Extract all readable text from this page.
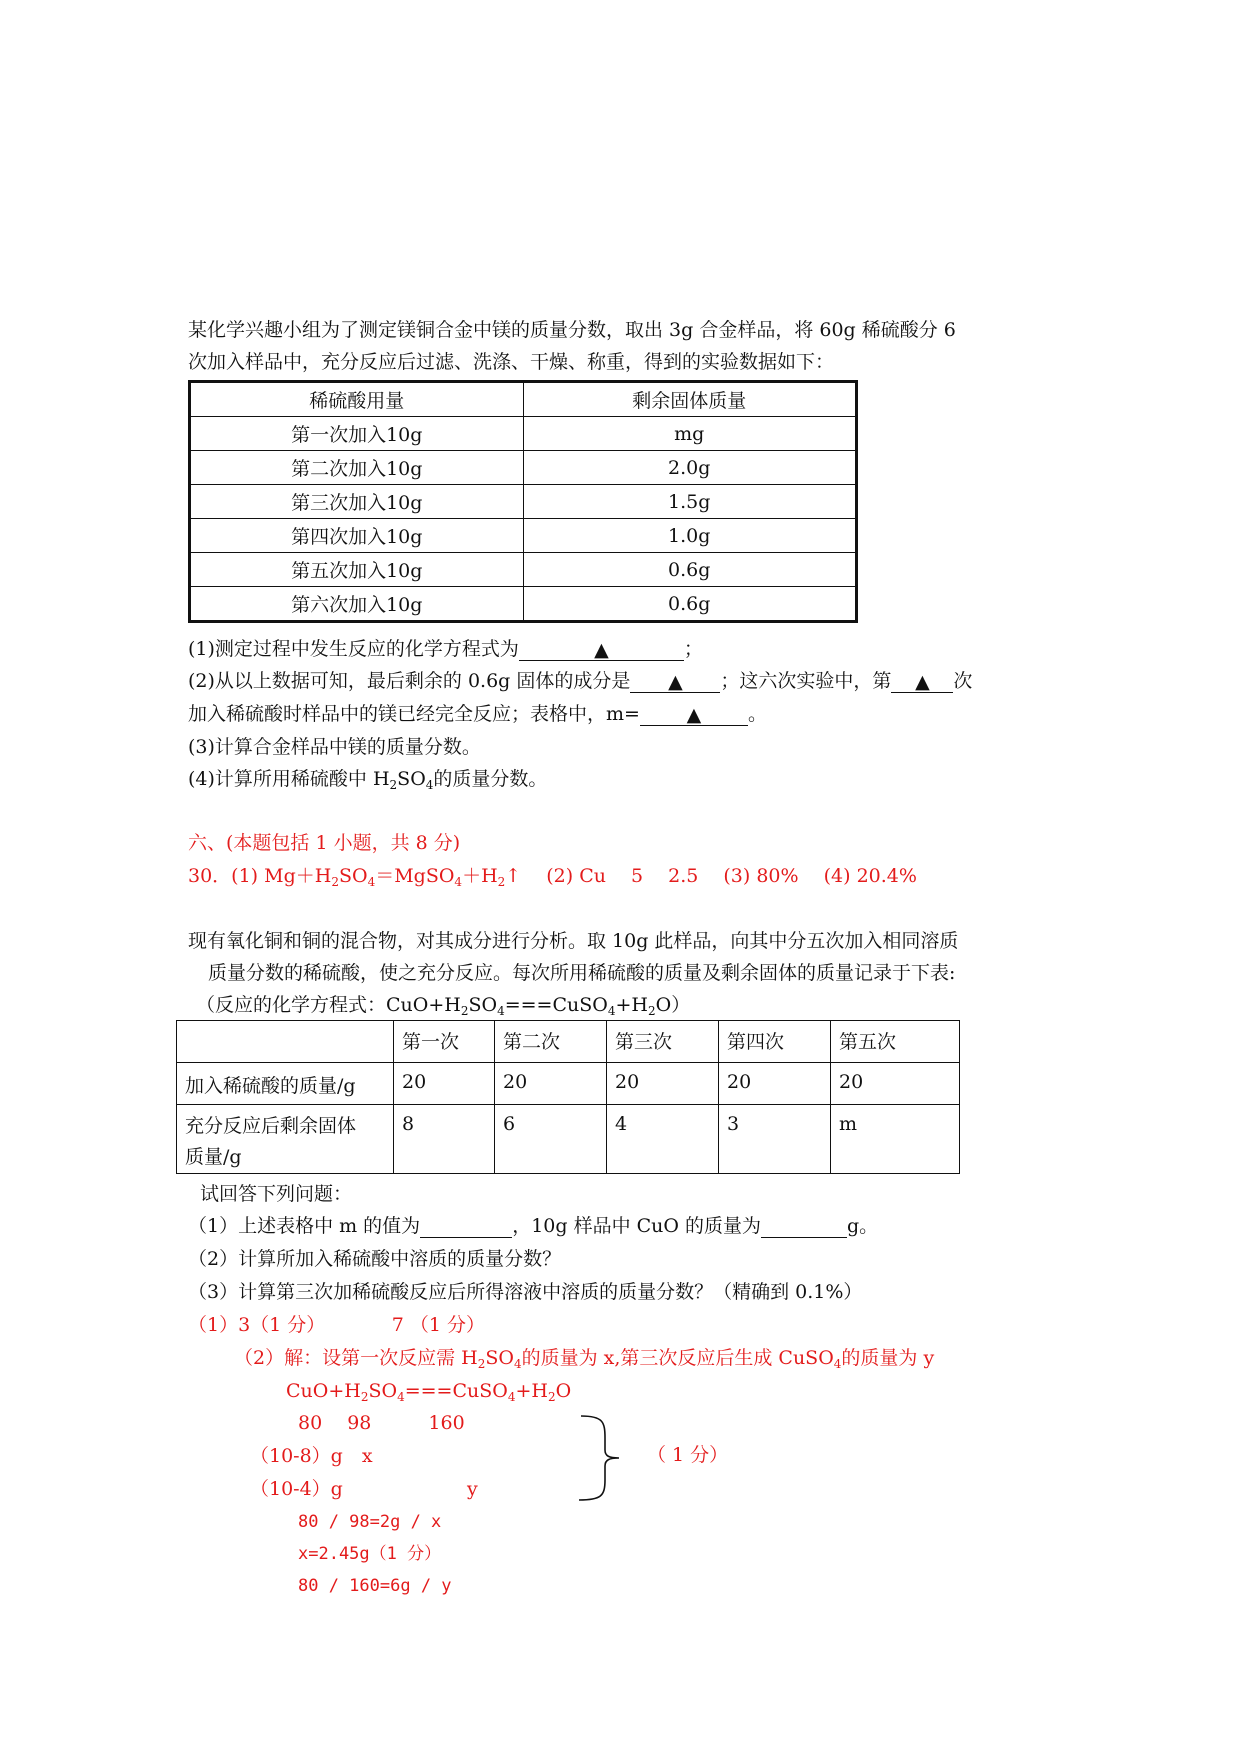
某化学兴趣小组为了测定镁铜合金中镁的质量分数，取出 3g 合金样品，将 60g 稀硫酸分 6
次加入样品中，充分反应后过滤、洗涤、干燥、称重，得到的实验数据如下：
稀硫酸用量	剩余固体质量
第一次加入10g	mg
第二次加入10g	2.0g
第三次加入10g	1.5g
第四次加入10g	1.0g
第五次加入10g	0.6g
第六次加入10g	0.6g
(1)测定过程中发生反应的化学方程式为	▲	；
(2)从以上数据可知，最后剩余的 0.6g 固体的成分是 ▲ ；这六次实验中，第 ▲ 次
加入稀硫酸时样品中的镁已经完全反应；表格中，m= ▲ 。
(3)计算合金样品中镁的质量分数。
(4)计算所用稀硫酸中 $H_2SO_4$的质量分数。
六、(本题包括 1 小题，共 8 分)
30．(1) $Mg+H_2SO_4=MgSO_4+H_2↑$　 (2) Cu　 5　 2.5　 (3) 80%　 (4) 20.4%
现有氧化铜和铜的混合物，对其成分进行分析。取 10g 此样品，向其中分五次加入相同溶质
质量分数的稀硫酸，使之充分反应。每次所用稀硫酸的质量及剩余固体的质量记录于下表:
（反应的化学方程式：$CuO+H_2SO_4===CuSO_4+H_2O$）
	第一次	第二次	第三次	第四次	第五次
加入稀硫酸的质量/g	20	20	20	20	20
充分反应后剩余固体
质量/g	8	6	4	3	m
试回答下列问题：
（1）上述表格中 m 的值为	，10g 样品中 CuO 的质量为	g。
（2）计算所加入稀硫酸中溶质的质量分数？
（3）计算第三次加稀硫酸反应后所得溶液中溶质的质量分数？（精确到 0.1%）
（1）3（1 分）　　　　7 （1 分）
（2）解：设第一次反应需 $H_2SO_4$的质量为 x,第三次反应后生成 CuSO$_4$的质量为 y
$CuO+H_2SO_4===CuSO_4+H_2O$
80　 98　　　160
（10-8）g　x
（10-4）g	y
（ 1 分）
80 / 98=2g / x
x=2.45g（1 分）
80 / 160=6g / y
